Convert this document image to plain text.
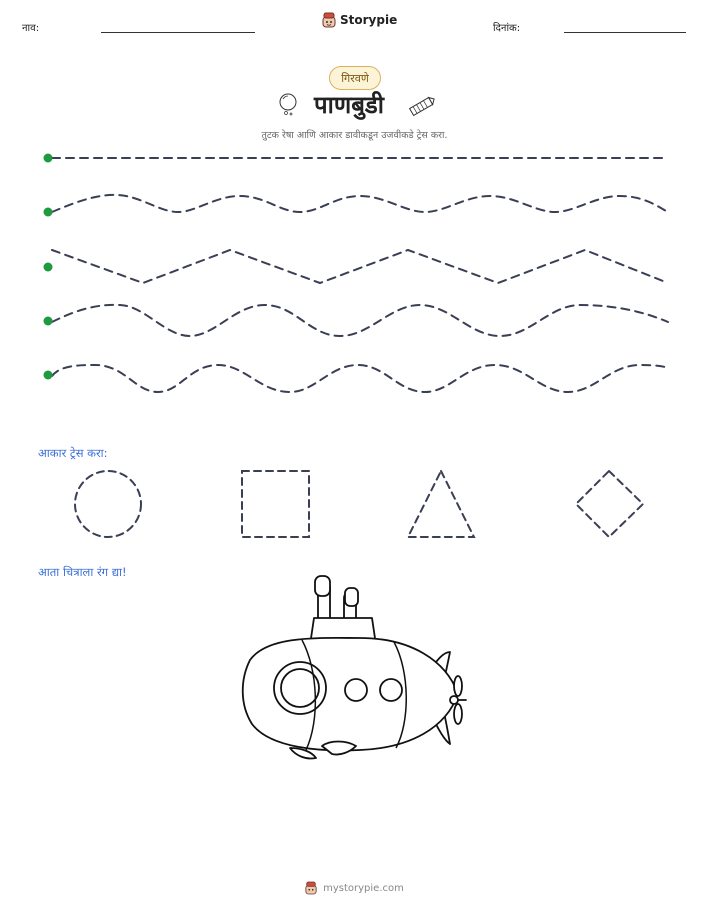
नाव:
Storypie
दिनांक:
गिरवणे
पाणबुडी
तुटक रेषा आणि आकार डावीकडून उजवीकडे ट्रेस करा.
आकार ट्रेस करा:
आता चित्राला रंग द्या!
mystorypie.com
